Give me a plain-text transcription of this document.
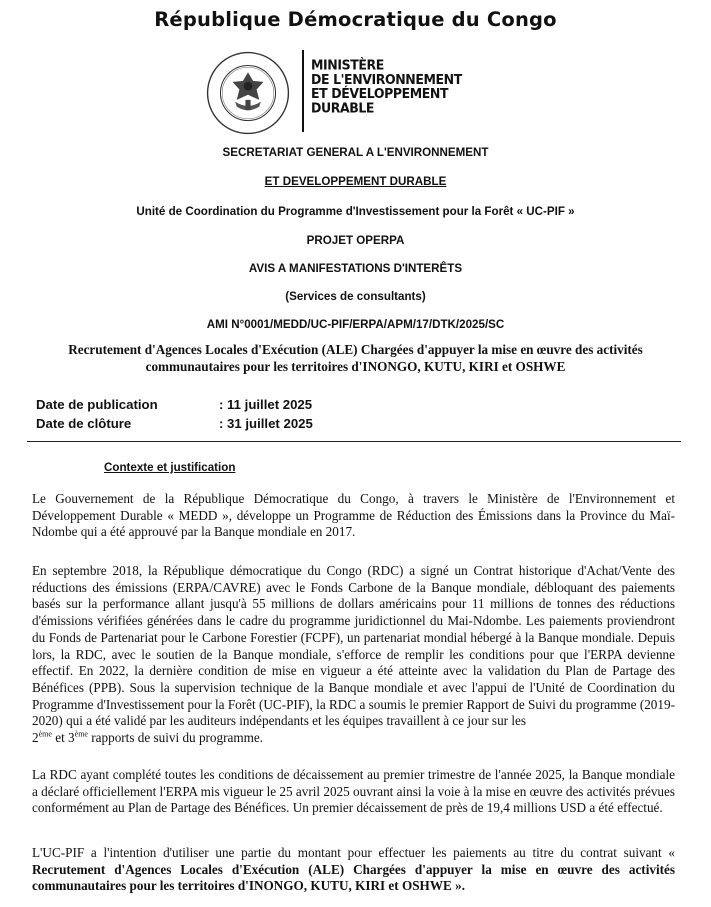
République Démocratique du Congo
MINISTÈRE
DE L'ENVIRONNEMENT
ET DÉVELOPPEMENT
DURABLE
SECRETARIAT GENERAL A L'ENVIRONNEMENT
ET DEVELOPPEMENT DURABLE
Unité de Coordination du Programme d'Investissement pour la Forêt « UC-PIF »
PROJET OPERPA
AVIS A MANIFESTATIONS D'INTERÊTS
(Services de consultants)
AMI N°0001/MEDD/UC-PIF/ERPA/APM/17/DTK/2025/SC
Recrutement d'Agences Locales d'Exécution (ALE) Chargées d'appuyer la mise en œuvre des activités
communautaires pour les territoires d'INONGO, KUTU, KIRI et OSHWE
Date de publication	: 11 juillet 2025
Date de clôture	: 31 juillet 2025
Contexte et justification
Le Gouvernement de la République Démocratique du Congo, à travers le Ministère de l'Environnement et Développement Durable « MEDD », développe un Programme de Réduction des Émissions dans la Province du Maï-Ndombe qui a été approuvé par la Banque mondiale en 2017.
En septembre 2018, la République démocratique du Congo (RDC) a signé un Contrat historique d'Achat/Vente des réductions des émissions (ERPA/CAVRE) avec le Fonds Carbone de la Banque mondiale, débloquant des paiements basés sur la performance allant jusqu'à 55 millions de dollars américains pour 11 millions de tonnes des réductions d'émissions vérifiées générées dans le cadre du programme juridictionnel du Mai-Ndombe. Les paiements proviendront du Fonds de Partenariat pour le Carbone Forestier (FCPF), un partenariat mondial hébergé à la Banque mondiale. Depuis lors, la RDC, avec le soutien de la Banque mondiale, s'efforce de remplir les conditions pour que l'ERPA devienne effectif. En 2022, la dernière condition de mise en vigueur a été atteinte avec la validation du Plan de Partage des Bénéfices (PPB). Sous la supervision technique de la Banque mondiale et avec l'appui de l'Unité de Coordination du Programme d'Investissement pour la Forêt (UC-PIF), la RDC a soumis le premier Rapport de Suivi du programme (2019-2020) qui a été validé par les auditeurs indépendants et les équipes travaillent à ce jour sur les
2ème et 3ème rapports de suivi du programme.
La RDC ayant complété toutes les conditions de décaissement au premier trimestre de l'année 2025, la Banque mondiale a déclaré officiellement l'ERPA mis vigueur le 25 avril 2025 ouvrant ainsi la voie à la mise en œuvre des activités prévues conformément au Plan de Partage des Bénéfices. Un premier décaissement de près de 19,4 millions USD a été effectué.
L'UC-PIF a l'intention d'utiliser une partie du montant pour effectuer les paiements au titre du contrat suivant « Recrutement d'Agences Locales d'Exécution (ALE) Chargées d'appuyer la mise en œuvre des activités communautaires pour les territoires d'INONGO, KUTU, KIRI et OSHWE ».
